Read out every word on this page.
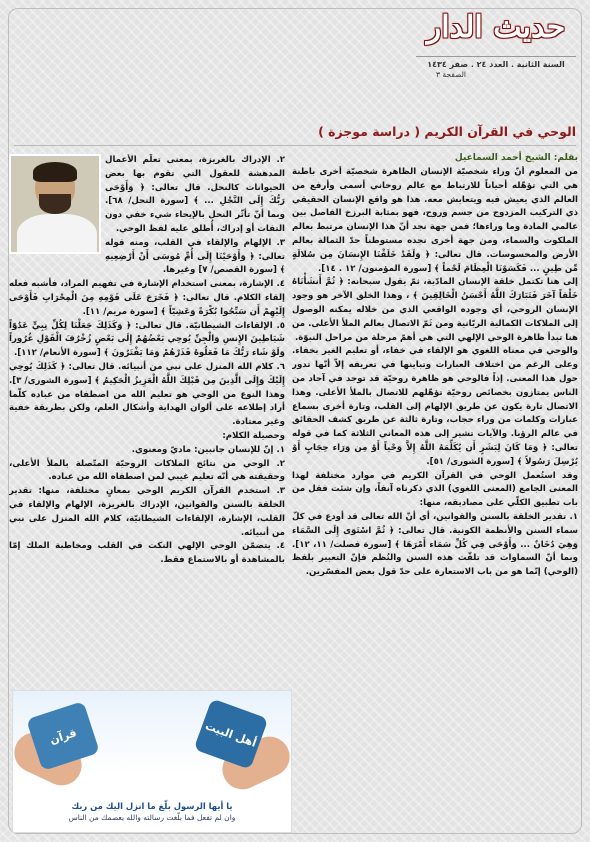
حديث الدار
السنة الثانية . العدد ٢٤ . صفر ١٤٣٤
الصفحة ٣
الوحي في القرآن الكريم ( دراسة موجزة )
بقلم: الشيخ أحمد السماعيل

من المعلوم أنّ وراء شخصيّة الإنسان الظاهرة شخصيّة أُخرى باطنة هي التي تؤهّله أحياناً للارتباط مع عالم روحاني أسمى وأرفع من العالم الذي يعيش فيه ويتعايش معه. هذا هو واقع الإنسان الحقيقي ذي التركيب المزدوج من جسم وروح، فهو بمثابة البرزخ الفاصل بين عالمي المادة وما وراءها؛ فمن جهة نجد أنّ هذا الإنسان مرتبط بعالم الملكوت والسماء، ومن جهة أخرى نجده مستوطناً حدّ الثمالة بعالم الأرض والمحسوسات. قال تعالى: ﴿ وَلَقَدْ خَلَقْنَا الإِنسَانَ مِن سُلالَةٍ مِّن طِينٍ ... فَكَسَوْنَا الْعِظَامَ لَحْماً ﴾ [سورة المؤمنون/ ١٢ . ١٤].

إلى هنا تكتمل خلقة الإنسان المادّية، ثمّ يقول سبحانه: ﴿ ثُمَّ أَنشَأْنَاهُ خَلْقاً آخَرَ فَتَبَارَكَ اللَّهُ أَحْسَنُ الْخَالِقِينَ ﴾ ، وهذا الخلق الآخر هو وجود الإنسان الروحي، أي وجوده الواقعي الذي من خلاله يمكنه الوصول إلى الملاكات الكمالية الربّانية ومن ثَمّ الاتصال بعالم الملأ الأعلى. من هنا تبدأ ظاهرة الوحي الإلهي التي هي أهمّ مرحلة من مراحل النبوّة.

والوحي في معناه اللغوي هو الإلقاء في خفاء، أو تعليم الغير بخفاء. وعلى الرغم من اختلاف العبارات وتباينها في تعريفه إلاّ أنّها تدور حول هذا المعنى. إذاً فالوحي هو ظاهرة روحيّة قد توجد في آحاد من الناس يمتازون بخصائص روحيّة تؤهّلهم للاتصال بالملأ الأعلى. وهذا الاتصال تارة يكون عن طريق الإلهام إلى القلب، وتارة أخرى بسماع عبارات وكلمات من وراء حجاب، وتارة ثالثة عن طريق كشف الحقائق في عالم الرؤيا. والآيات تشير إلى هذه المعاني الثلاثة كما في قوله تعالى: ﴿ وَمَا كَانَ لِبَشَرٍ أَن يُكَلِّمَهُ اللَّهُ إِلاَّ وَحْياً أَوْ مِن وَرَاء حِجَابٍ أَوْ يُرْسِلَ رَسُولاً ﴾ [سورة الشورى/ ٥١].

وقد استُعمل الوحي في القرآن الكريم في موارد مختلفة لهذا المعنى الجامع (المعنى اللغوي) الذي ذكرناه آنفاً، وإن شئت فقل من باب تطبيق الكلّي على مصاديقه، منها:

١. تقدير الخلقة بالسنن والقوانين، أي أنّ الله تعالى قد أودع في كلّ سماء السنن والأنظمة الكونية. قال تعالى: ﴿ ثُمَّ اسْتَوَى إِلَى السَّمَاء وَهِيَ دُخَانٌ ... وَأَوْحَى فِي كُلِّ سَمَاء أَمْرَهَا ﴾ [سورة فصلت/ ١١، ١٢]. وبما أنّ السماوات قد تلقّت هذه السنن والنُظم فإنّ التعبير بلفظ (الوحي) إنّما هو من باب الاستعارة على حدّ قول بعض المفسّرين.

٢. الإدراك بالغريزة، بمعنى تعلّم الأعمال المدهشة للعقول التي تقوم بها بعض الحيوانات كالنحل. قال تعالى: ﴿ وَأَوْحَى رَبُّكَ إِلَى النَّحْلِ ... ﴾ [سورة النحل/ ٦٨]. وبما أنّ تأثّر النحل بالإيحاء شيء خفي دون التفات أو إدراك، أُطلق عليه لفظ الوحي.

٣. الإلهام والإلقاء في القلب، ومنه قوله تعالى: ﴿ وَأَوْحَيْنَا إِلَى أُمِّ مُوسَى أَنْ أَرْضِعِيهِ ﴾ [سورة القصص/ ٧] وغيرها.

٤. الإشارة، بمعنى استخدام الإشارة في تفهيم المراد، فأشبه فعله إلقاء الكلام. قال تعالى: ﴿ فَخَرَجَ عَلَى قَوْمِهِ مِنَ الْمِحْرَابِ فَأَوْحَى إِلَيْهِمْ أَن سَبِّحُوا بُكْرَةً وَعَشِيّاً ﴾ [سورة مريم/ ١١].

٥. الإلقاءات الشيطانيّة. قال تعالى: ﴿ وَكَذَلِكَ جَعَلْنَا لِكُلِّ نِبِيٍّ عَدُوّاً شَيَاطِينَ الإِنسِ وَالْجِنِّ يُوحِي بَعْضُهُمْ إِلَى بَعْضٍ زُخْرُفَ الْقَوْلِ غُرُوراً وَلَوْ شَاء رَبُّكَ مَا فَعَلُوهُ فَذَرْهُمْ وَمَا يَفْتَرُونَ ﴾ [سورة الأنعام/ ١١٢].

٦. كلام الله المنزل على نبي من أنبيائه. قال تعالى: ﴿ كَذَلِكَ يُوحِي إِلَيْكَ وَإِلَى الَّذِينَ مِن قَبْلِكَ اللَّهُ الْعَزِيزُ الْحَكِيمُ ﴾ [سورة الشورى/ ٣]. وهذا النوع من الوحي هو تعليم الله من اصطفاه من عباده كلّما أراد إطلاعه على ألوان الهداية وأشكال العلم، ولكن بطريقة خفية وغير معتادة.

وحصيلة الكلام:

١. إنّ للإنسان جانبين: ماديّ ومعنوي.

٢. الوحي من نتائج الملاكات الروحيّة المتّصلة بالملأ الأعلى، وحقيقته هي أنّه تعليم غيبي لمن اصطفاه الله من عباده.

٣. استخدم القرآن الكريم الوحي بمعانٍ مختلفة، منها: تقدير الخلقة بالسنن والقوانين، الإدراك بالغريزة، الإلهام والإلقاء في القلب، الإشارة، الإلقاءات الشيطانيّة، كلام الله المنزل على نبي من أنبيائه.

٤. يتضمّن الوحي الإلهي النكت في القلب ومخاطبة الملك إمّا بالمشاهدة أو بالاستماع فقط.

قرآن	أهل البيت
يا أيها الرسول بلّغ ما انزل اليك من ربك
وان لم تفعل فما بلّغت رسالته والله يعصمك من الناس
